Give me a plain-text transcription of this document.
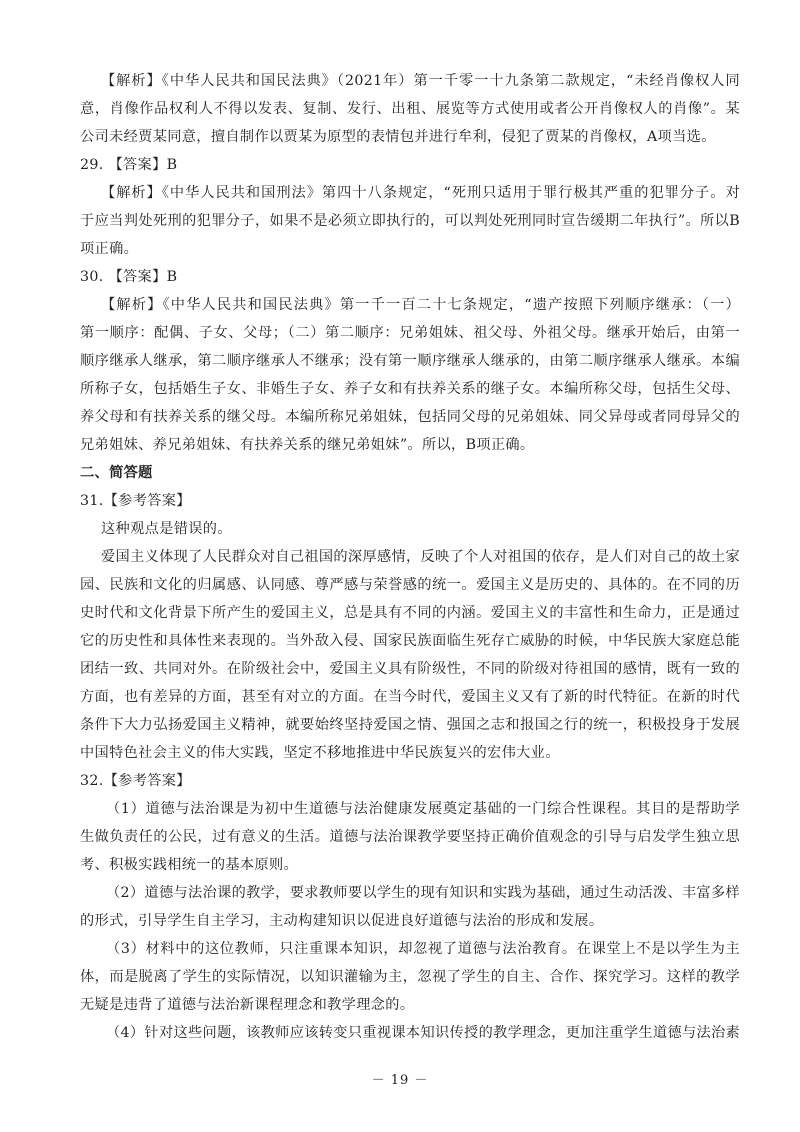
【解析】《中华人民共和国民法典》（2021年）第一千零一十九条第二款规定，“未经肖像权人同
意，肖像作品权利人不得以发表、复制、发行、出租、展览等方式使用或者公开肖像权人的肖像”。某
公司未经贾某同意，擅自制作以贾某为原型的表情包并进行牟利，侵犯了贾某的肖像权，A项当选。
29. 【答案】B
【解析】《中华人民共和国刑法》第四十八条规定，“死刑只适用于罪行极其严重的犯罪分子。对
于应当判处死刑的犯罪分子，如果不是必须立即执行的，可以判处死刑同时宣告缓期二年执行”。所以B
项正确。
30. 【答案】B
【解析】《中华人民共和国民法典》第一千一百二十七条规定，“遗产按照下列顺序继承：（一）
第一顺序：配偶、子女、父母；（二）第二顺序：兄弟姐妹、祖父母、外祖父母。继承开始后，由第一
顺序继承人继承，第二顺序继承人不继承；没有第一顺序继承人继承的，由第二顺序继承人继承。本编
所称子女，包括婚生子女、非婚生子女、养子女和有扶养关系的继子女。本编所称父母，包括生父母、
养父母和有扶养关系的继父母。本编所称兄弟姐妹，包括同父母的兄弟姐妹、同父异母或者同母异父的
兄弟姐妹、养兄弟姐妹、有扶养关系的继兄弟姐妹”。所以，B项正确。
二、简答题
31.【参考答案】
这种观点是错误的。
爱国主义体现了人民群众对自己祖国的深厚感情，反映了个人对祖国的依存，是人们对自己的故土家
园、民族和文化的归属感、认同感、尊严感与荣誉感的统一。爱国主义是历史的、具体的。在不同的历
史时代和文化背景下所产生的爱国主义，总是具有不同的内涵。爱国主义的丰富性和生命力，正是通过
它的历史性和具体性来表现的。当外敌入侵、国家民族面临生死存亡威胁的时候，中华民族大家庭总能
团结一致、共同对外。在阶级社会中，爱国主义具有阶级性，不同的阶级对待祖国的感情，既有一致的
方面，也有差异的方面，甚至有对立的方面。在当今时代，爱国主义又有了新的时代特征。在新的时代
条件下大力弘扬爱国主义精神，就要始终坚持爱国之情、强国之志和报国之行的统一，积极投身于发展
中国特色社会主义的伟大实践，坚定不移地推进中华民族复兴的宏伟大业。
32.【参考答案】
（1）道德与法治课是为初中生道德与法治健康发展奠定基础的一门综合性课程。其目的是帮助学
生做负责任的公民，过有意义的生活。道德与法治课教学要坚持正确价值观念的引导与启发学生独立思
考、积极实践相统一的基本原则。
（2）道德与法治课的教学，要求教师要以学生的现有知识和实践为基础，通过生动活泼、丰富多样
的形式，引导学生自主学习，主动构建知识以促进良好道德与法治的形成和发展。
（3）材料中的这位教师，只注重课本知识，却忽视了道德与法治教育。在课堂上不是以学生为主
体，而是脱离了学生的实际情况，以知识灌输为主，忽视了学生的自主、合作、探究学习。这样的教学
无疑是违背了道德与法治新课程理念和教学理念的。
（4）针对这些问题，该教师应该转变只重视课本知识传授的教学理念，更加注重学生道德与法治素
－ 19 －
